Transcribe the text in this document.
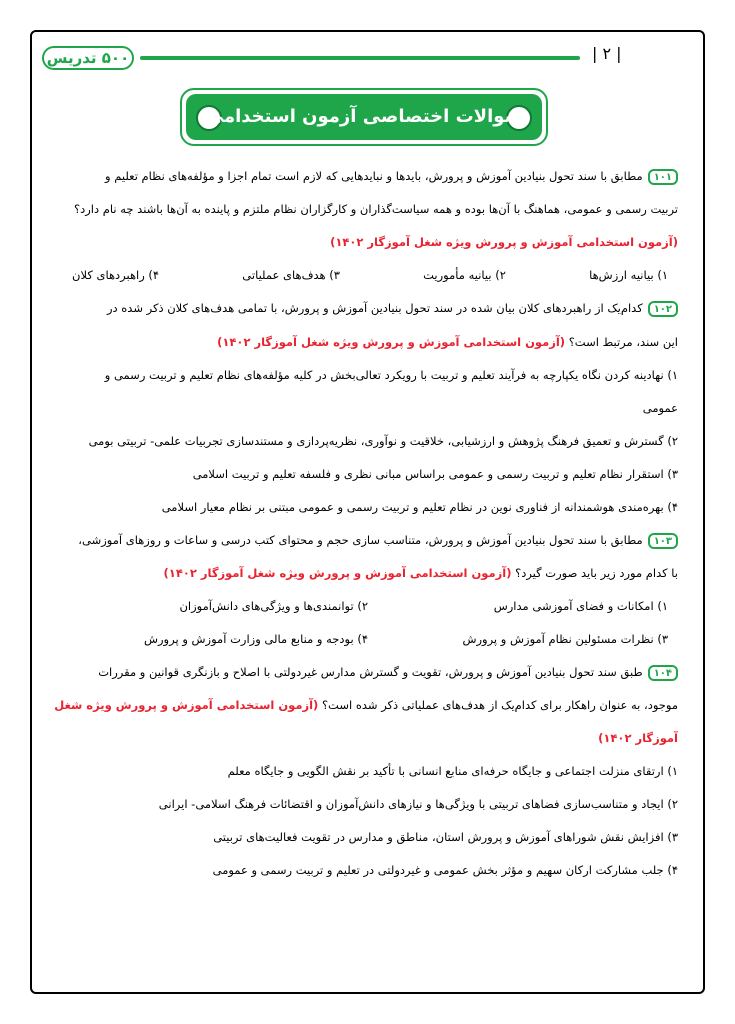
۵۰۰ تدریس	| ۲ |
سوالات اختصاصی آزمون استخدامی
۱۰۱مطابق با سند تحول بنیادین آموزش و پرورش، بایدها و نبایدهایی که لازم است تمام اجزا و مؤلفه‌های نظام تعلیم و
تربیت رسمی و عمومی، هماهنگ با آن‌ها بوده و همه سیاست‌گذاران و کارگزاران نظام ملتزم و پاینده به آن‌ها باشند چه نام دارد؟
(آزمون استخدامی آموزش و پرورش ویژه شغل آموزگار ۱۴۰۲)
۱) بیانیه ارزش‌ها
۲) بیانیه مأموریت
۳) هدف‌های عملیاتی
۴) راهبردهای کلان
۱۰۲کدام‌یک از راهبردهای کلان بیان شده در سند تحول بنیادین آموزش و پرورش، با تمامی هدف‌های کلان ذکر شده در
این سند، مرتبط است؟ (آزمون استخدامی آموزش و پرورش ویژه شغل آموزگار ۱۴۰۲)
۱) نهادینه کردن نگاه یکپارچه به فرآیند تعلیم و تربیت با رویکرد تعالی‌بخش در کلیه مؤلفه‌های نظام تعلیم و تربیت رسمی و
عمومی
۲) گسترش و تعمیق فرهنگ پژوهش و ارزشیابی، خلاقیت و نوآوری، نظریه‌پردازی و مستندسازی تجربیات علمی- تربیتی بومی
۳) استقرار نظام تعلیم و تربیت رسمی و عمومی براساس مبانی نظری و فلسفه تعلیم و تربیت اسلامی
۴) بهره‌مندی هوشمندانه از فناوری نوین در نظام تعلیم و تربیت رسمی و عمومی مبتنی بر نظام معیار اسلامی
۱۰۳مطابق با سند تحول بنیادین آموزش و پرورش، متناسب سازی حجم و محتوای کتب درسی و ساعات و روزهای آموزشی،
با کدام مورد زیر باید صورت گیرد؟ (آزمون استخدامی آموزش و پرورش ویژه شغل آموزگار ۱۴۰۲)
۱) امکانات و فضای آموزشی مدارس
۲) توانمندی‌ها و ویژگی‌های دانش‌آموزان
۳) نظرات مسئولین نظام آموزش و پرورش
۴) بودجه و منابع مالی وزارت آموزش و پرورش
۱۰۴طبق سند تحول بنیادین آموزش و پرورش، تقویت و گسترش مدارس غیردولتی با اصلاح و بازنگری قوانین و مقررات
موجود، به عنوان راهکار برای کدام‌یک از هدف‌های عملیاتی ذکر شده است؟ (آزمون استخدامی آموزش و پرورش ویژه شغل
آموزگار ۱۴۰۲)
۱) ارتقای منزلت اجتماعی و جایگاه حرفه‌ای منابع انسانی با تأکید بر نقش الگویی و جایگاه معلم
۲) ایجاد و متناسب‌سازی فضاهای تربیتی با ویژگی‌ها و نیازهای دانش‌آموزان و اقتضائات فرهنگ اسلامی- ایرانی
۳) افزایش نقش شوراهای آموزش و پرورش استان، مناطق و مدارس در تقویت فعالیت‌های تربیتی
۴) جلب مشارکت ارکان سهیم و مؤثر بخش عمومی و غیردولتی در تعلیم و تربیت رسمی و عمومی
